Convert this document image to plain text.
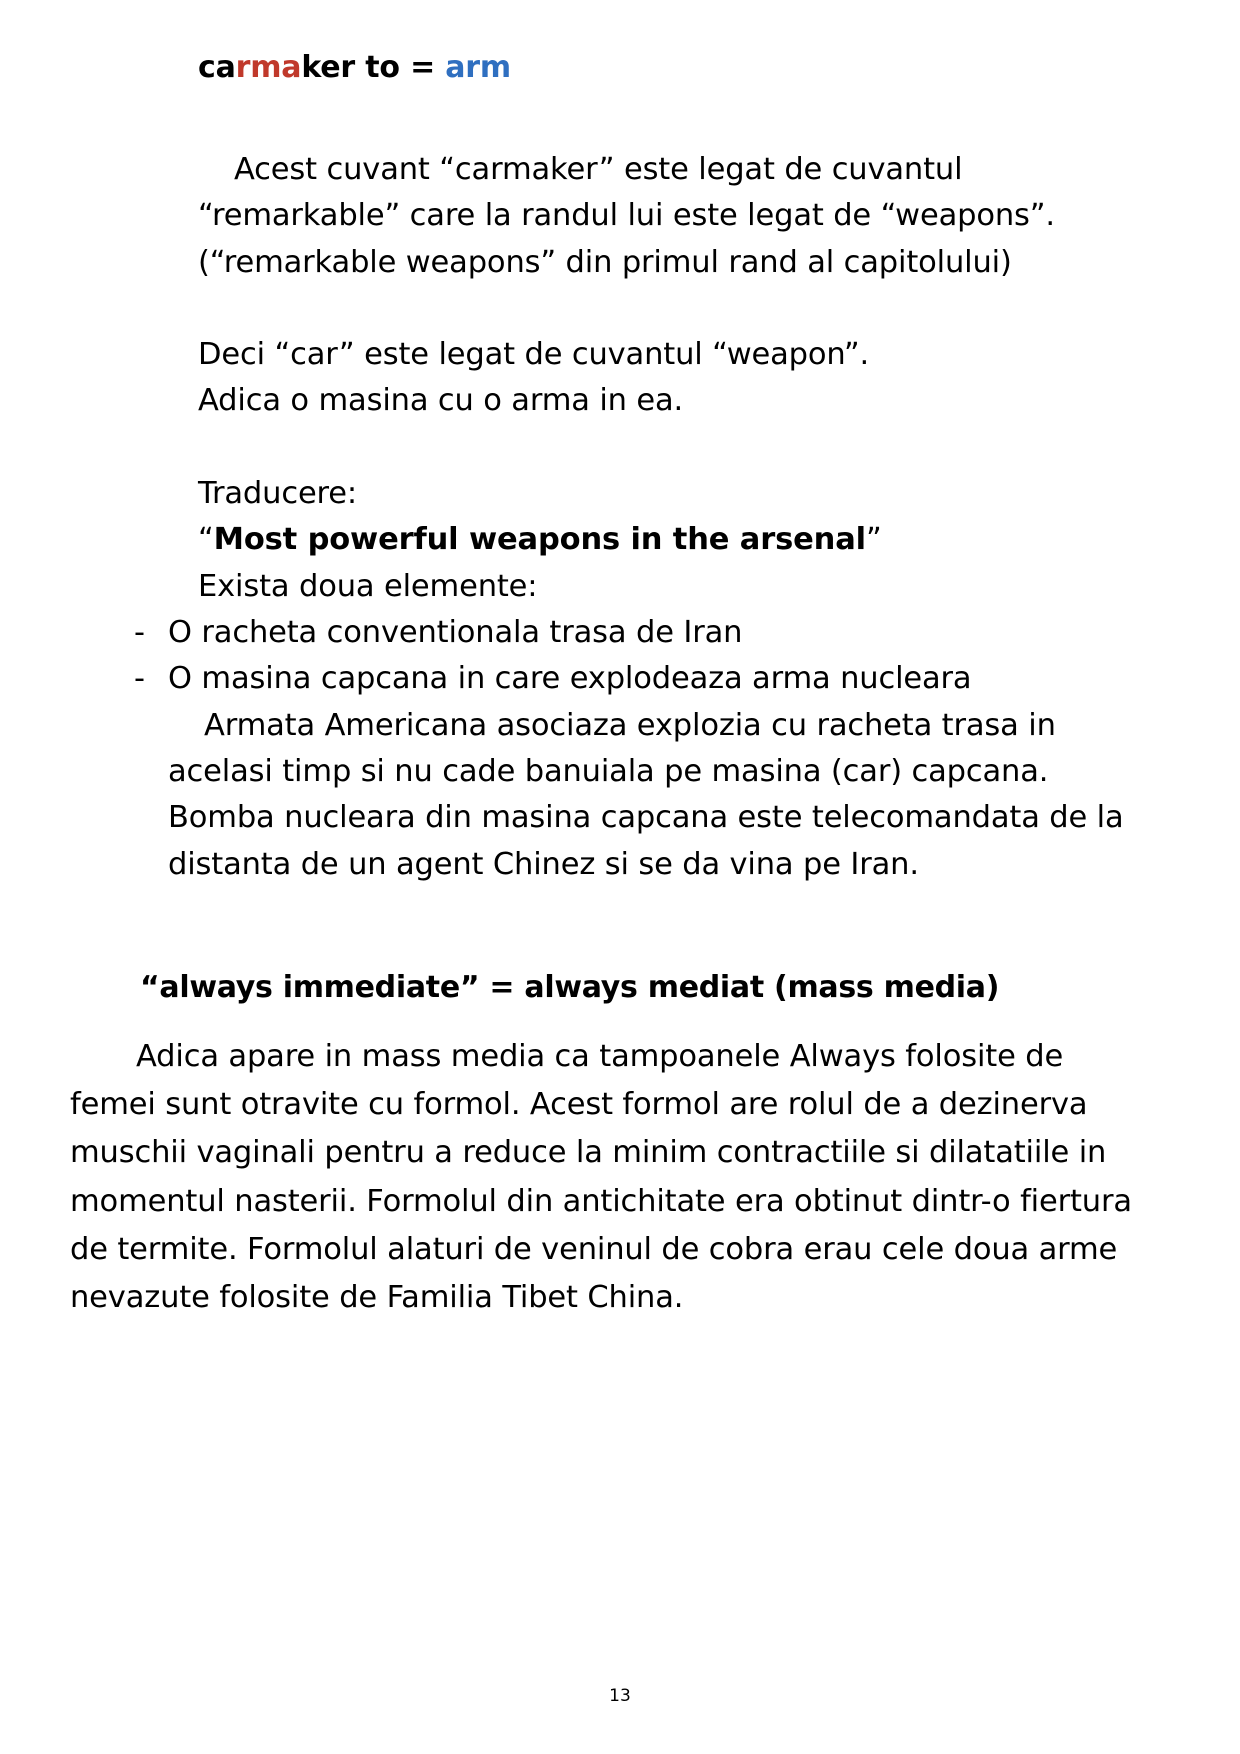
carmaker to = arm
Acest cuvant “carmaker” este legat de cuvantul “remarkable” care la randul lui este legat de “weapons”. (“remarkable weapons” din primul rand al capitolului)
Deci “car” este legat de cuvantul “weapon”.
Adica o masina cu o arma in ea.
Traducere:
“Most powerful weapons in the arsenal”
Exista doua elemente:
- O racheta conventionala trasa de Iran
- O masina capcana in care explodeaza arma nucleara
Armata Americana asociaza explozia cu racheta trasa in acelasi timp si nu cade banuiala pe masina (car) capcana. Bomba nucleara din masina capcana este telecomandata de la distanta de un agent Chinez si se da vina pe Iran.
“always immediate” = always mediat (mass media)
Adica apare in mass media ca tampoanele Always folosite de femei sunt otravite cu formol. Acest formol are rolul de a dezinerva muschii vaginali pentru a reduce la minim contractiile si dilatatiile in momentul nasterii. Formolul din antichitate era obtinut dintr-o fiertura de termite. Formolul alaturi de veninul de cobra erau cele doua arme nevazute folosite de Familia Tibet China.
13
